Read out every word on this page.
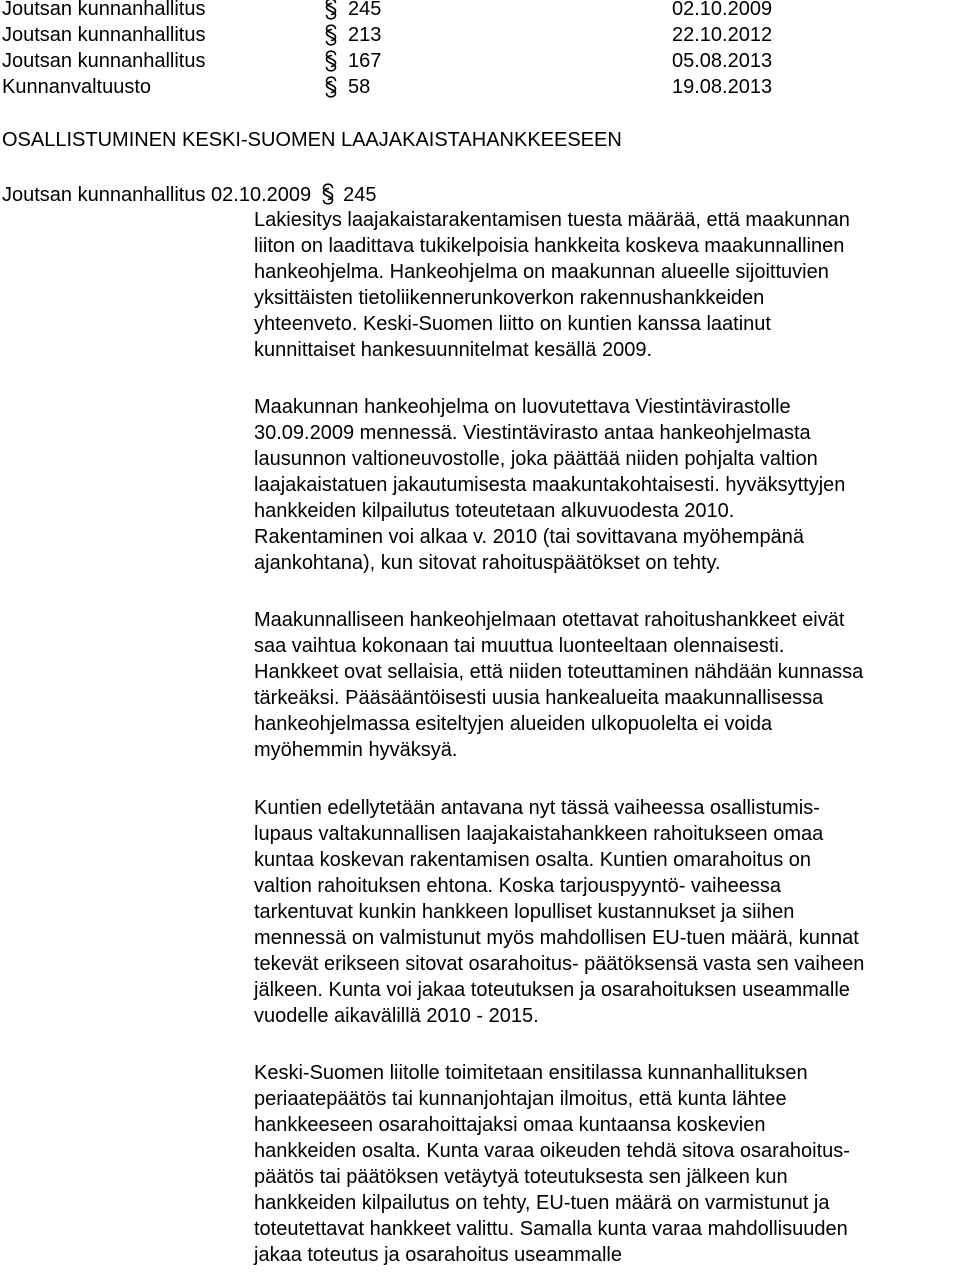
Joutsan kunnanhallitus	245	02.10.2009
Joutsan kunnanhallitus	213	22.10.2012
Joutsan kunnanhallitus	167	05.08.2013
Kunnanvaltuusto	58	19.08.2013
OSALLISTUMINEN KESKI-SUOMEN LAAJAKAISTAHANKKEESEEN
Joutsan kunnanhallitus 02.10.2009 245
Lakiesitys laajakaistarakentamisen tuesta määrää, että maakunnan
liiton on laadittava tukikelpoisia hankkeita koskeva maakunnallinen
hankeohjelma. Hankeohjelma on maakunnan alueelle sijoittuvien
yksittäisten tietoliikennerunkoverkon rakennushankkeiden
yhteenveto. Keski-Suomen liitto on kuntien kanssa laatinut
kunnittaiset hankesuunnitelmat kesällä 2009.
Maakunnan hankeohjelma on luovutettava Viestintävirastolle
30.09.2009 mennessä. Viestintävirasto antaa hankeohjelmasta
lausunnon valtioneuvostolle, joka päättää niiden pohjalta valtion
laajakaistatuen jakautumisesta maakuntakohtaisesti. hyväksyttyjen
hankkeiden kilpailutus toteutetaan alkuvuodesta 2010.
Rakentaminen voi alkaa v. 2010 (tai sovittavana myöhempänä
ajankohtana), kun sitovat rahoituspäätökset on tehty.
Maakunnalliseen hankeohjelmaan otettavat rahoitushankkeet eivät
saa vaihtua kokonaan tai muuttua luonteeltaan olennaisesti.
Hankkeet ovat sellaisia, että niiden toteuttaminen nähdään kunnassa
tärkeäksi. Pääsääntöisesti uusia hankealueita maakunnallisessa
hankeohjelmassa esiteltyjen alueiden ulkopuolelta ei voida
myöhemmin hyväksyä.
Kuntien edellytetään antavana nyt tässä vaiheessa osallistumis-
lupaus valtakunnallisen laajakaistahankkeen rahoitukseen omaa
kuntaa koskevan rakentamisen osalta. Kuntien omarahoitus on
valtion rahoituksen ehtona. Koska tarjouspyyntö- vaiheessa
tarkentuvat kunkin hankkeen lopulliset kustannukset ja siihen
mennessä on valmistunut myös mahdollisen EU-tuen määrä, kunnat
tekevät erikseen sitovat osarahoitus- päätöksensä vasta sen vaiheen
jälkeen. Kunta voi jakaa toteutuksen ja osarahoituksen useammalle
vuodelle aikavälillä 2010 - 2015.
Keski-Suomen liitolle toimitetaan ensitilassa kunnanhallituksen
periaatepäätös tai kunnanjohtajan ilmoitus, että kunta lähtee
hankkeeseen osarahoittajaksi omaa kuntaansa koskevien
hankkeiden osalta. Kunta varaa oikeuden tehdä sitova osarahoitus-
päätös tai päätöksen vetäytyä toteutuksesta sen jälkeen kun
hankkeiden kilpailutus on tehty, EU-tuen määrä on varmistunut ja
toteutettavat hankkeet valittu. Samalla kunta varaa mahdollisuuden
jakaa toteutus ja osarahoitus useammalle
